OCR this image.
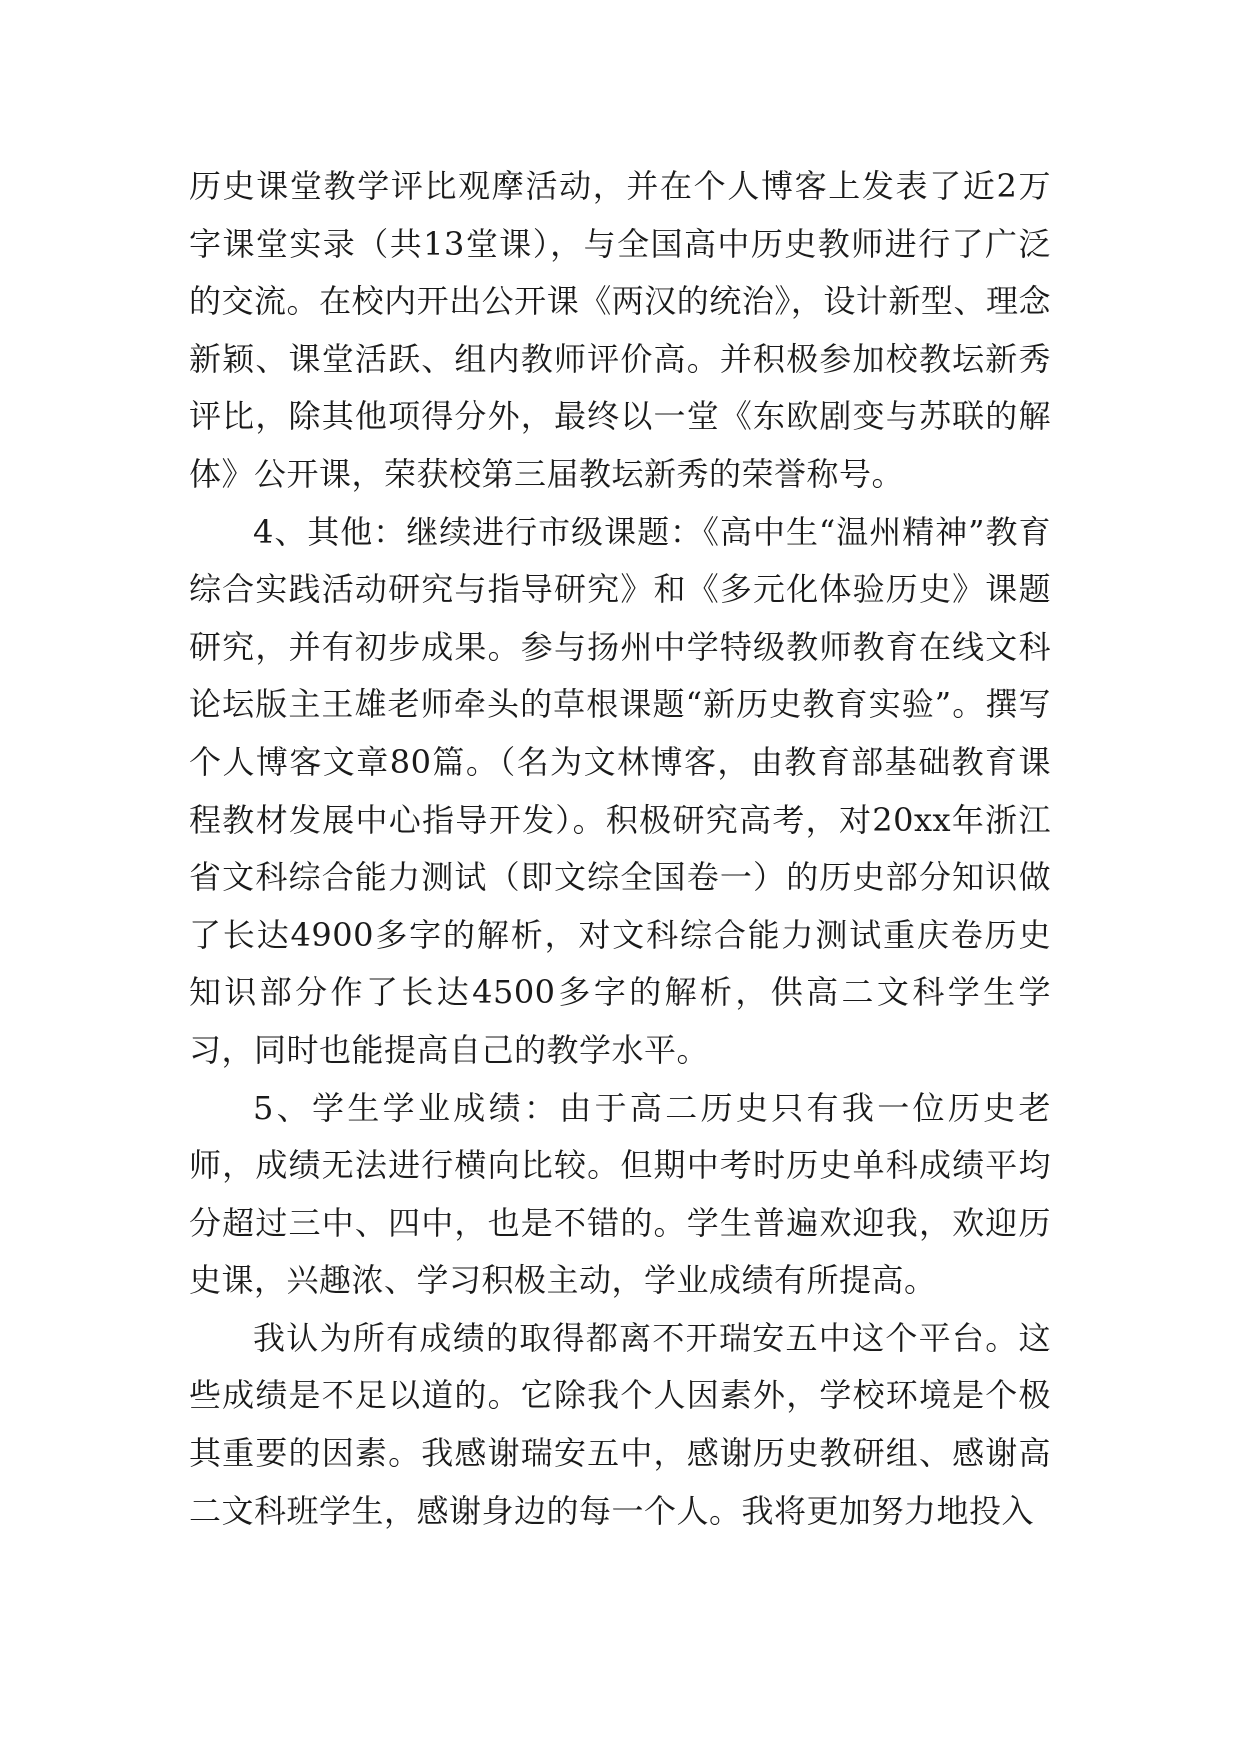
历史课堂教学评比观摩活动，并在个人博客上发表了近2万字课堂实录（共13堂课），与全国高中历史教师进行了广泛的交流。在校内开出公开课《两汉的统治》，设计新型、理念新颖、课堂活跃、组内教师评价高。并积极参加校教坛新秀评比，除其他项得分外，最终以一堂《东欧剧变与苏联的解体》公开课，荣获校第三届教坛新秀的荣誉称号。

4、其他：继续进行市级课题：《高中生“温州精神”教育综合实践活动研究与指导研究》和《多元化体验历史》课题研究，并有初步成果。参与扬州中学特级教师教育在线文科论坛版主王雄老师牵头的草根课题“新历史教育实验”。撰写个人博客文章80篇。（名为文林博客，由教育部基础教育课程教材发展中心指导开发）。积极研究高考，对20xx年浙江省文科综合能力测试（即文综全国卷一）的历史部分知识做了长达4900多字的解析，对文科综合能力测试重庆卷历史知识部分作了长达4500多字的解析，供高二文科学生学习，同时也能提高自己的教学水平。

5、学生学业成绩：由于高二历史只有我一位历史老师，成绩无法进行横向比较。但期中考时历史单科成绩平均分超过三中、四中，也是不错的。学生普遍欢迎我，欢迎历史课，兴趣浓、学习积极主动，学业成绩有所提高。

我认为所有成绩的取得都离不开瑞安五中这个平台。这些成绩是不足以道的。它除我个人因素外，学校环境是个极其重要的因素。我感谢瑞安五中，感谢历史教研组、感谢高二文科班学生，感谢身边的每一个人。我将更加努力地投入
